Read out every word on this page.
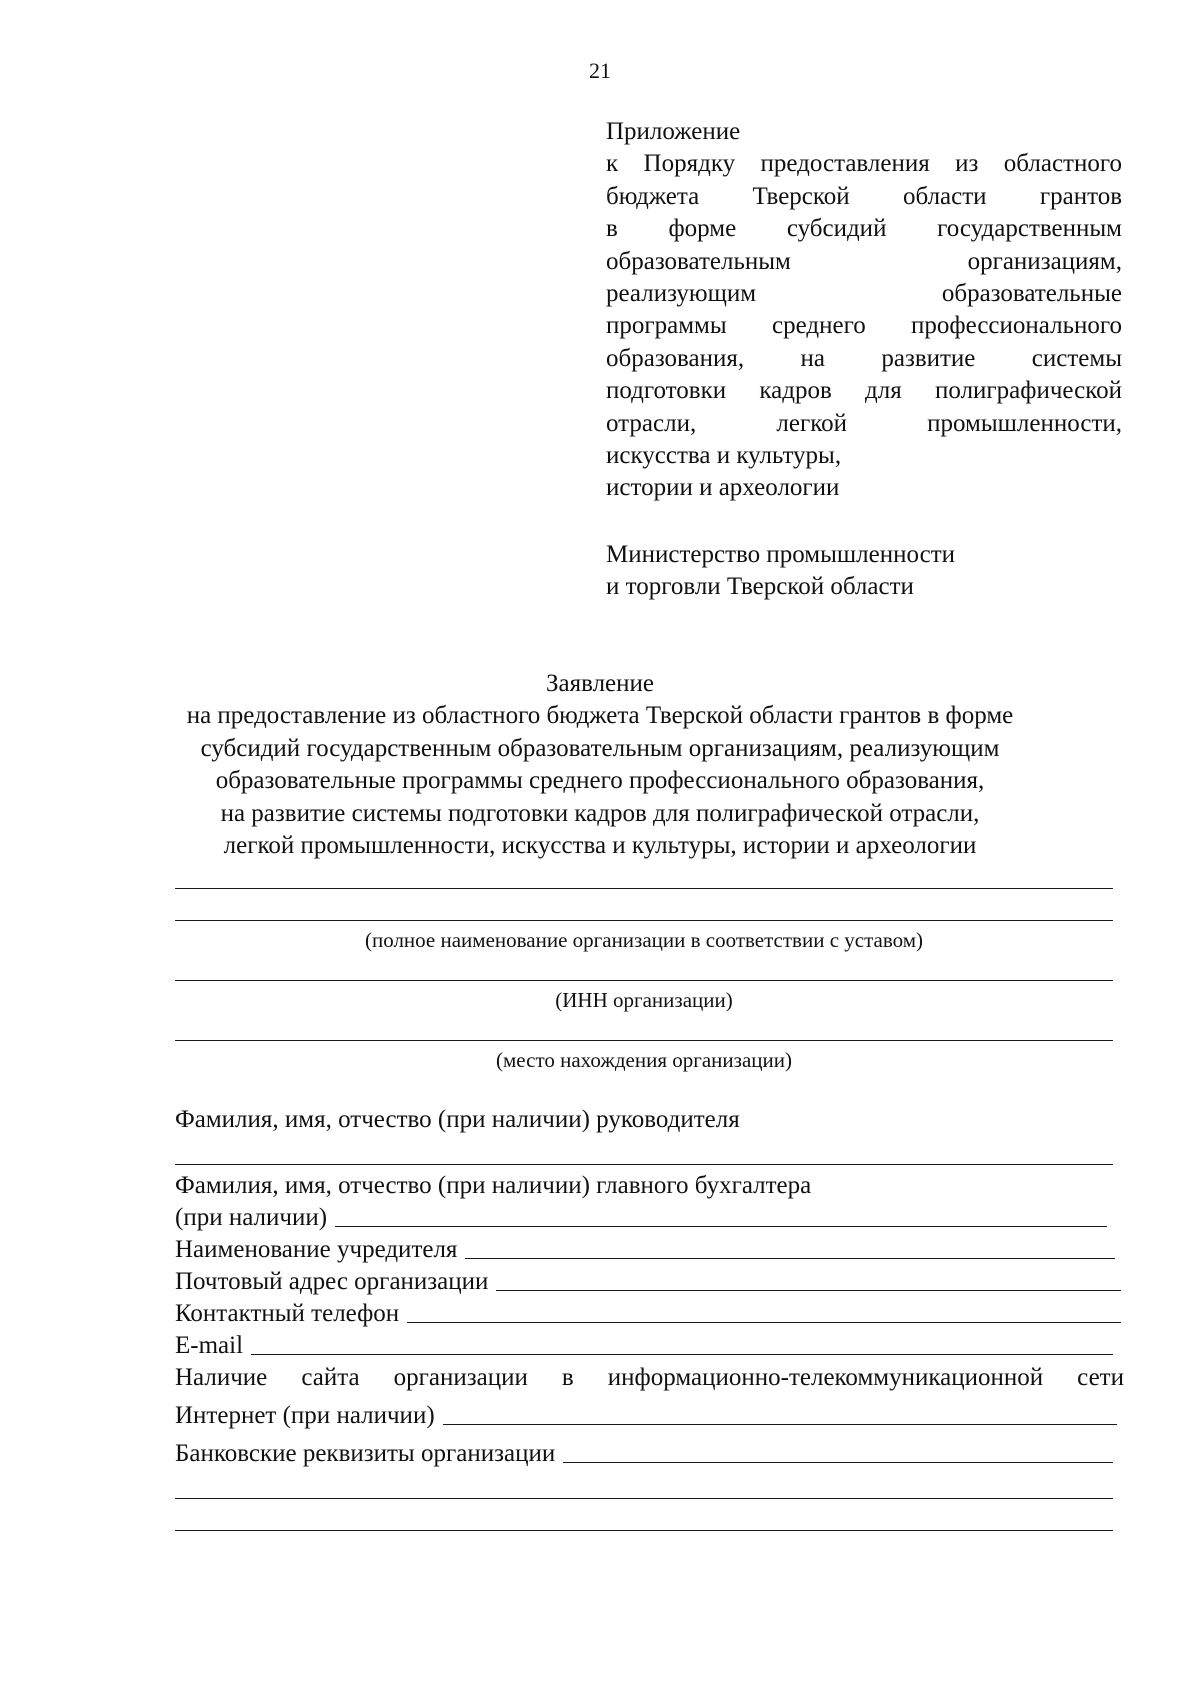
21
Приложение
к Порядку предоставления из областного
бюджета Тверской области грантов
в форме субсидий государственным
образовательным организациям,
реализующим образовательные
программы среднего профессионального
образования, на развитие системы
подготовки кадров для полиграфической
отрасли, легкой промышленности,
искусства и культуры,
истории и археологии
Министерство промышленности
и торговли Тверской области
Заявление
на предоставление из областного бюджета Тверской области грантов в форме
субсидий государственным образовательным организациям, реализующим
образовательные программы среднего профессионального образования,
на развитие системы подготовки кадров для полиграфической отрасли,
легкой промышленности, искусства и культуры, истории и археологии
(полное наименование организации в соответствии с уставом)
(ИНН организации)
(место нахождения организации)
Фамилия, имя, отчество (при наличии) руководителя
Фамилия, имя, отчество (при наличии) главного бухгалтера
(при наличии)
Наименование учредителя
Почтовый адрес организации
Контактный телефон
E-mail
Наличие сайта организации в информационно-телекоммуникационной сети
Интернет (при наличии)
Банковские реквизиты организации
